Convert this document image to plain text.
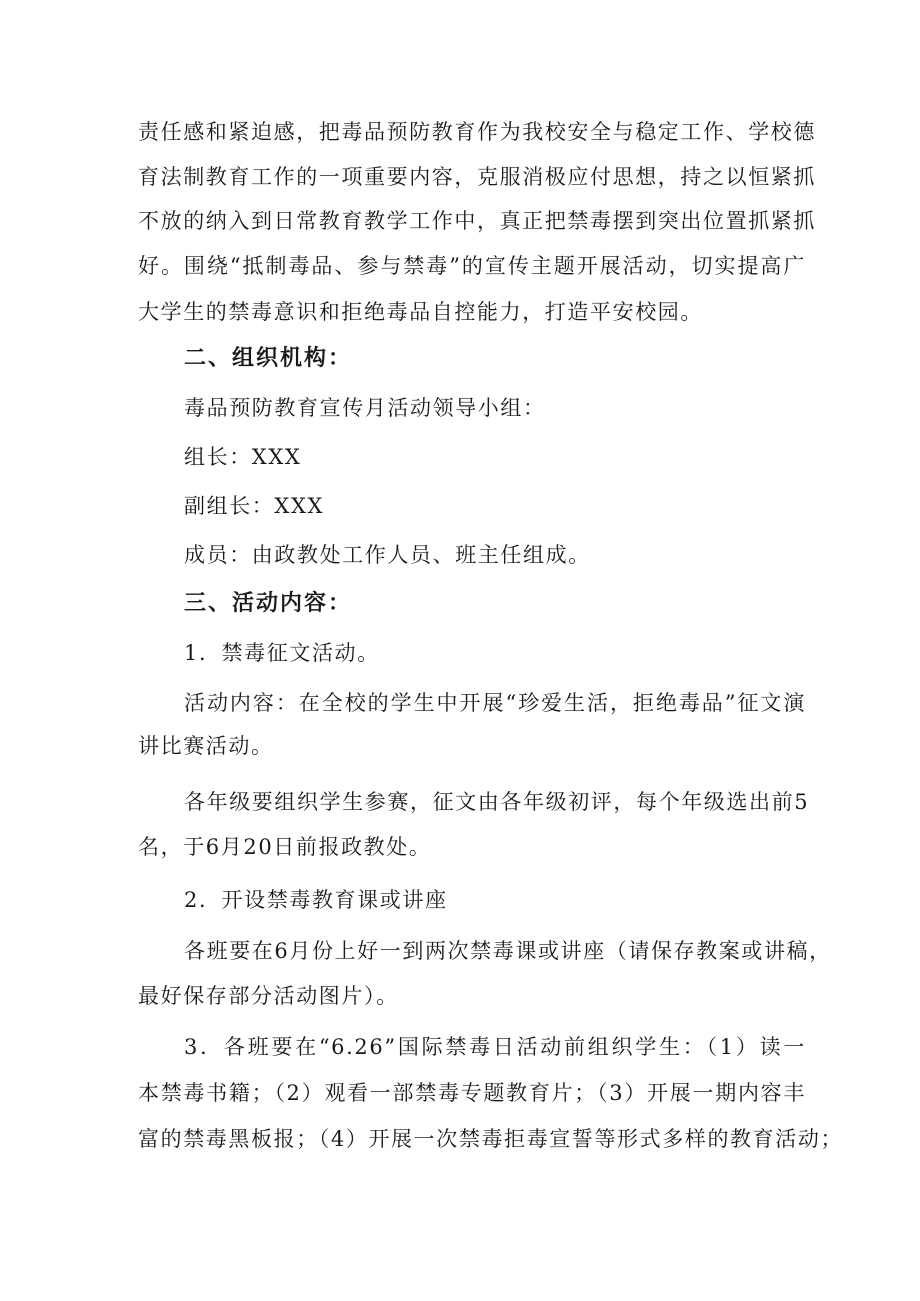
责任感和紧迫感，把毒品预防教育作为我校安全与稳定工作、学校德
育法制教育工作的一项重要内容，克服消极应付思想，持之以恒紧抓
不放的纳入到日常教育教学工作中，真正把禁毒摆到突出位置抓紧抓
好。围绕“抵制毒品、参与禁毒”的宣传主题开展活动，切实提高广
大学生的禁毒意识和拒绝毒品自控能力，打造平安校园。
二、组织机构：
毒品预防教育宣传月活动领导小组：
组长：XXX
副组长：XXX
成员：由政教处工作人员、班主任组成。
三、活动内容：
1．禁毒征文活动。
活动内容：在全校的学生中开展“珍爱生活，拒绝毒品”征文演
讲比赛活动。
各年级要组织学生参赛，征文由各年级初评，每个年级选出前5
名，于6月20日前报政教处。
2．开设禁毒教育课或讲座
各班要在6月份上好一到两次禁毒课或讲座（请保存教案或讲稿，
最好保存部分活动图片）。
3．各班要在“6.26”国际禁毒日活动前组织学生：（1）读一
本禁毒书籍；（2）观看一部禁毒专题教育片；（3）开展一期内容丰
富的禁毒黑板报；（4）开展一次禁毒拒毒宣誓等形式多样的教育活动；
